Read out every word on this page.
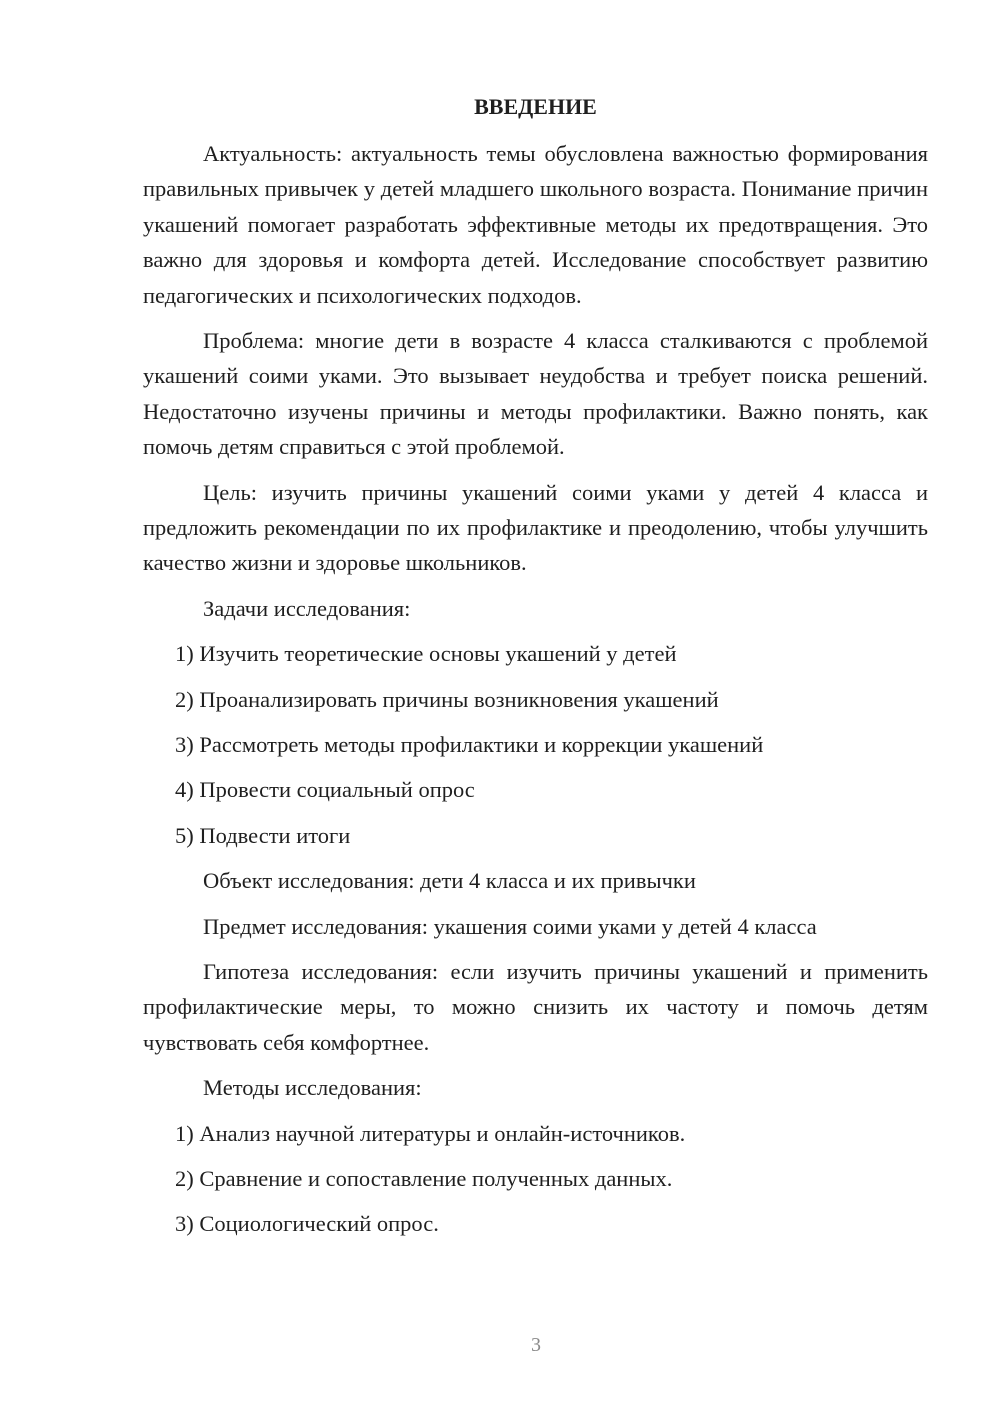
ВВЕДЕНИЕ

Актуальность: актуальность темы обусловлена важностью формирования правильных привычек у детей младшего школьного возраста. Понимание причин укашений помогает разработать эффективные методы их предотвращения. Это важно для здоровья и комфорта детей. Исследование способствует развитию педагогических и психологических подходов.

Проблема: многие дети в возрасте 4 класса сталкиваются с проблемой укашений соими уками. Это вызывает неудобства и требует поиска решений. Недостаточно изучены причины и методы профилактики. Важно понять, как помочь детям справиться с этой проблемой.

Цель: изучить причины укашений соими уками у детей 4 класса и предложить рекомендации по их профилактике и преодолению, чтобы улучшить качество жизни и здоровье школьников.

Задачи исследования:
1) Изучить теоретические основы укашений у детей
2) Проанализировать причины возникновения укашений
3) Рассмотреть методы профилактики и коррекции укашений
4) Провести социальный опрос
5) Подвести итоги
Объект исследования: дети 4 класса и их привычки
Предмет исследования: укашения соими уками у детей 4 класса

Гипотеза исследования: если изучить причины укашений и применить профилактические меры, то можно снизить их частоту и помочь детям чувствовать себя комфортнее.

Методы исследования:
1) Анализ научной литературы и онлайн-источников.
2) Сравнение и сопоставление полученных данных.
3) Социологический опрос.
3
